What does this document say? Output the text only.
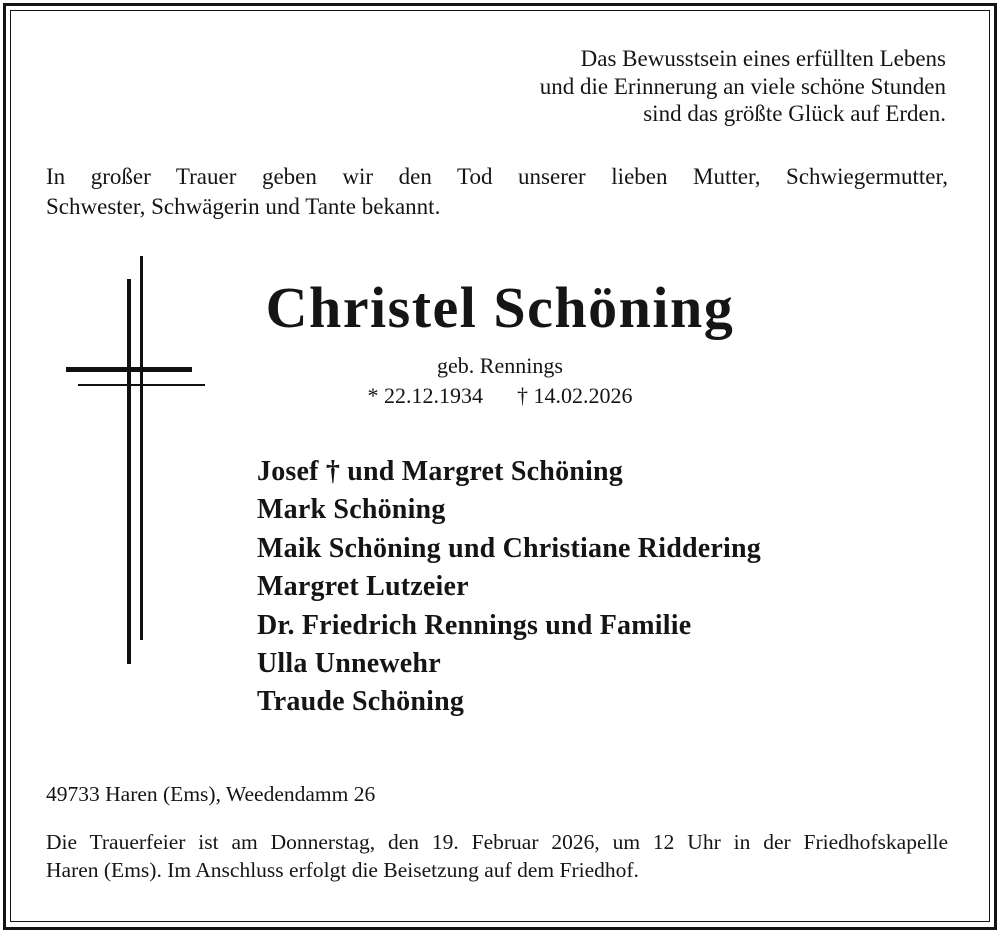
Das Bewusstsein eines erfüllten Lebens
und die Erinnerung an viele schöne Stunden
sind das größte Glück auf Erden.
In großer Trauer geben wir den Tod unserer lieben Mutter, Schwiegermutter,
Schwester, Schwägerin und Tante bekannt.
Christel Schöning
geb. Rennings
* 22.12.1934 † 14.02.2026
Josef † und Margret Schöning
Mark Schöning
Maik Schöning und Christiane Riddering
Margret Lutzeier
Dr. Friedrich Rennings und Familie
Ulla Unnewehr
Traude Schöning
49733 Haren (Ems), Weedendamm 26
Die Trauerfeier ist am Donnerstag, den 19. Februar 2026, um 12 Uhr in der Friedhofskapelle
Haren (Ems). Im Anschluss erfolgt die Beisetzung auf dem Friedhof.
